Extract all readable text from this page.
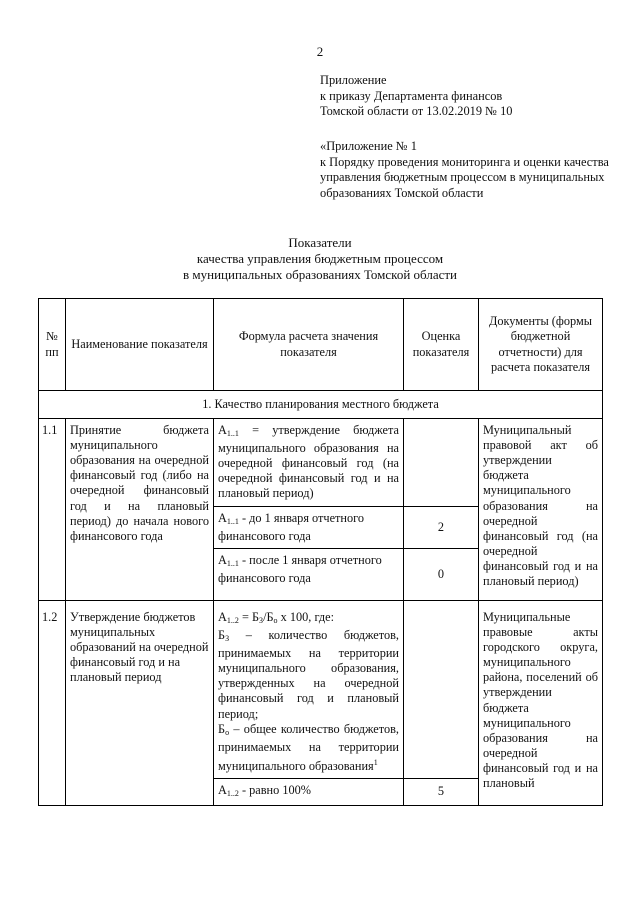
2
Приложение
к приказу Департамента финансов
Томской области от 13.02.2019 № 10
«Приложение № 1
к Порядку проведения мониторинга и оценки качества управления бюджетным процессом в муниципальных образованиях Томской области
Показатели
качества управления бюджетным процессом
в муниципальных образованиях Томской области
№ пп	Наименование показателя	Формула расчета значения показателя	Оценка показателя	Документы (формы бюджетной отчетности) для расчета показателя
1. Качество планирования местного бюджета				
1.1	Принятие бюджета муниципального образования на очередной финансовый год (либо на очередной финансовый год и на плановый период) до начала нового финансового года	$А_{1..1}$ = утверждение бюджета муниципального образования на очередной финансовый год (на очередной финансовый год и на плановый период)		Муниципальный правовой акт об утверждении бюджета муниципального образования на очередной финансовый год (на очередной финансовый год и на плановый период)
		$А_{1..1}$ - до 1 января отчетного финансового года	2	
		$А_{1..1}$ - после 1 января отчетного финансового года	0	
1.2	Утверждение бюджетов муниципальных образований на очередной финансовый год и на плановый период	$А_{1..2} = Б_З/Б_о$ х 100, где:
$Б_З$ – количество бюджетов, принимаемых на территории муниципального образования, утвержденных на очередной финансовый год и плановый период;
$Б_о$ – общее количество бюджетов, принимаемых на территории муниципального образования$^1$		Муниципальные правовые акты городского округа, муниципального района, поселений об утверждении бюджета муниципального образования на очередной финансовый год и на плановый
		$А_{1..2}$ - равно 100%	5	
